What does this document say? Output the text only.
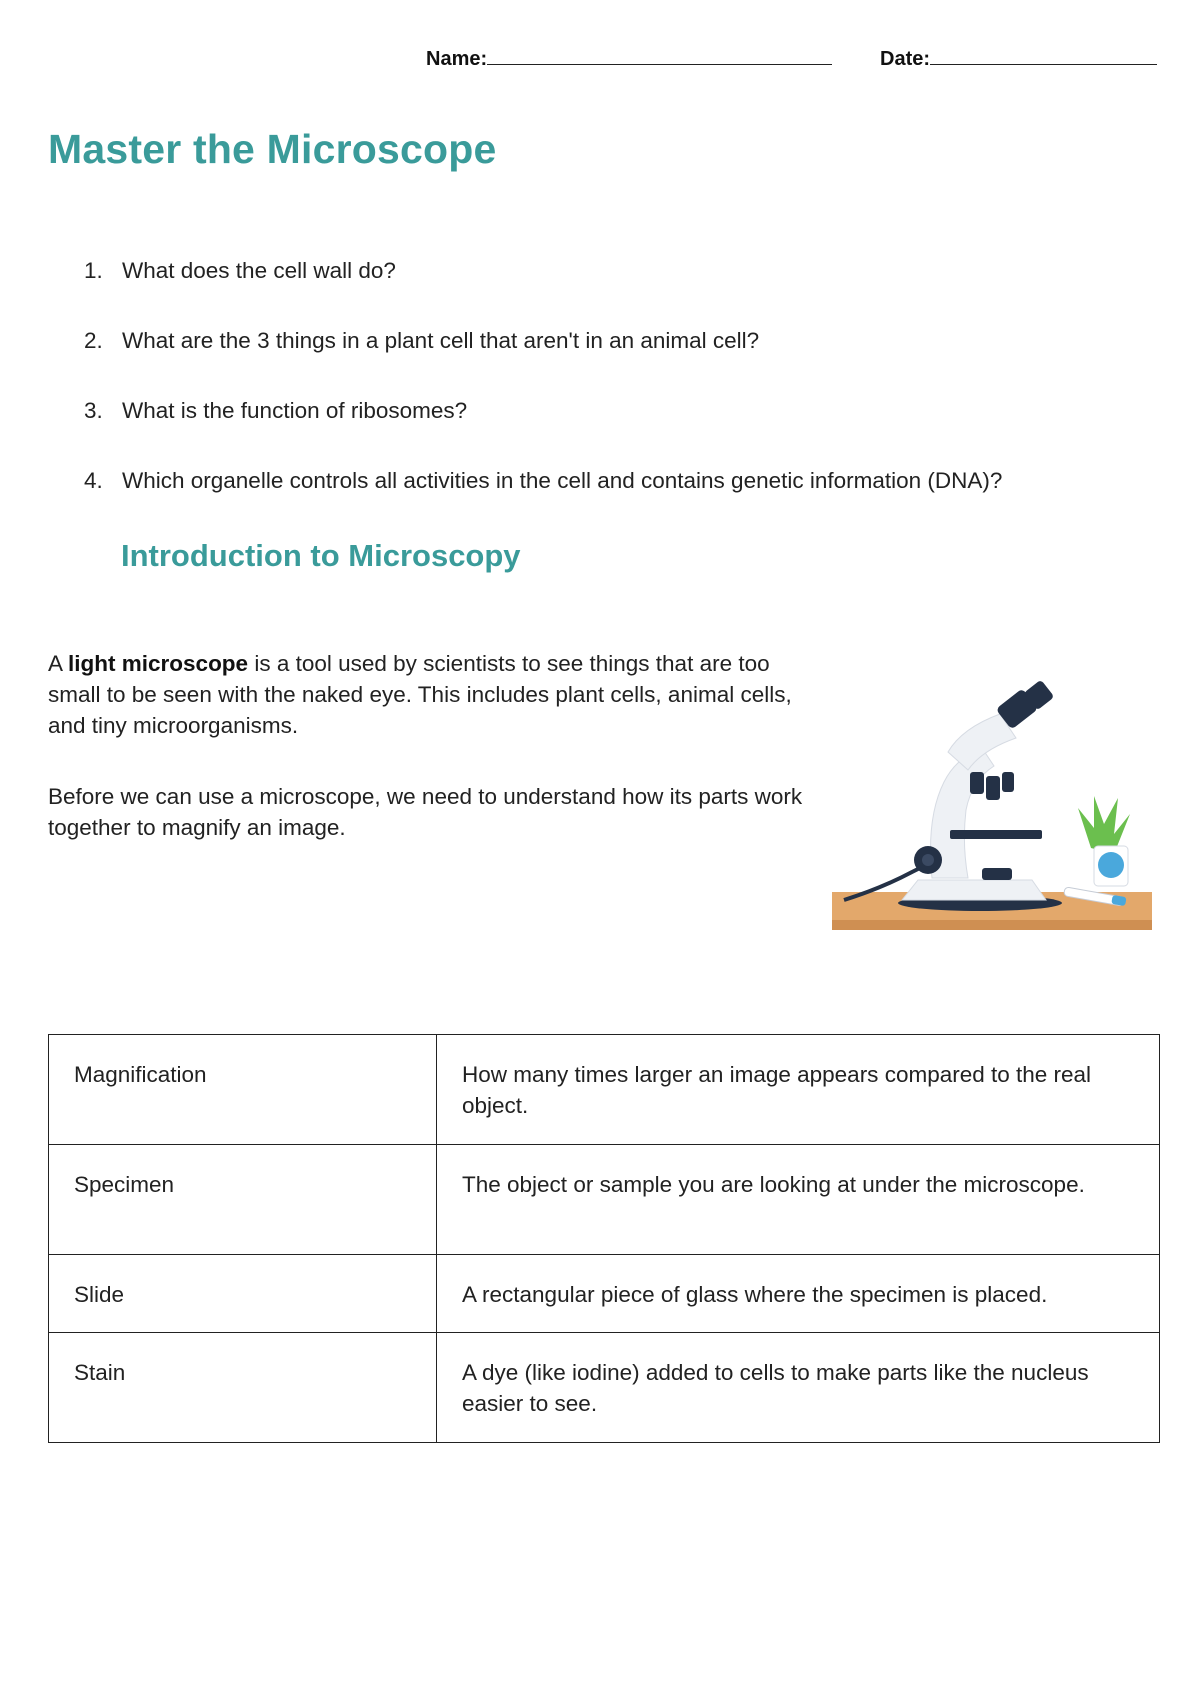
Name:	Date:
Master the Microscope
1. What does the cell wall do?
2. What are the 3 things in a plant cell that aren't in an animal cell?
3. What is the function of ribosomes?
4. Which organelle controls all activities in the cell and contains genetic information (DNA)?
Introduction to Microscopy

A light microscope is a tool used by scientists to see things that are too small to be seen with the naked eye. This includes plant cells, animal cells, and tiny microorganisms.

Before we can use a microscope, we need to understand how its parts work together to magnify an image.

Magnification	How many times larger an image appears compared to the real object.
Specimen	The object or sample you are looking at under the microscope.
Slide	A rectangular piece of glass where the specimen is placed.
Stain	A dye (like iodine) added to cells to make parts like the nucleus easier to see.
